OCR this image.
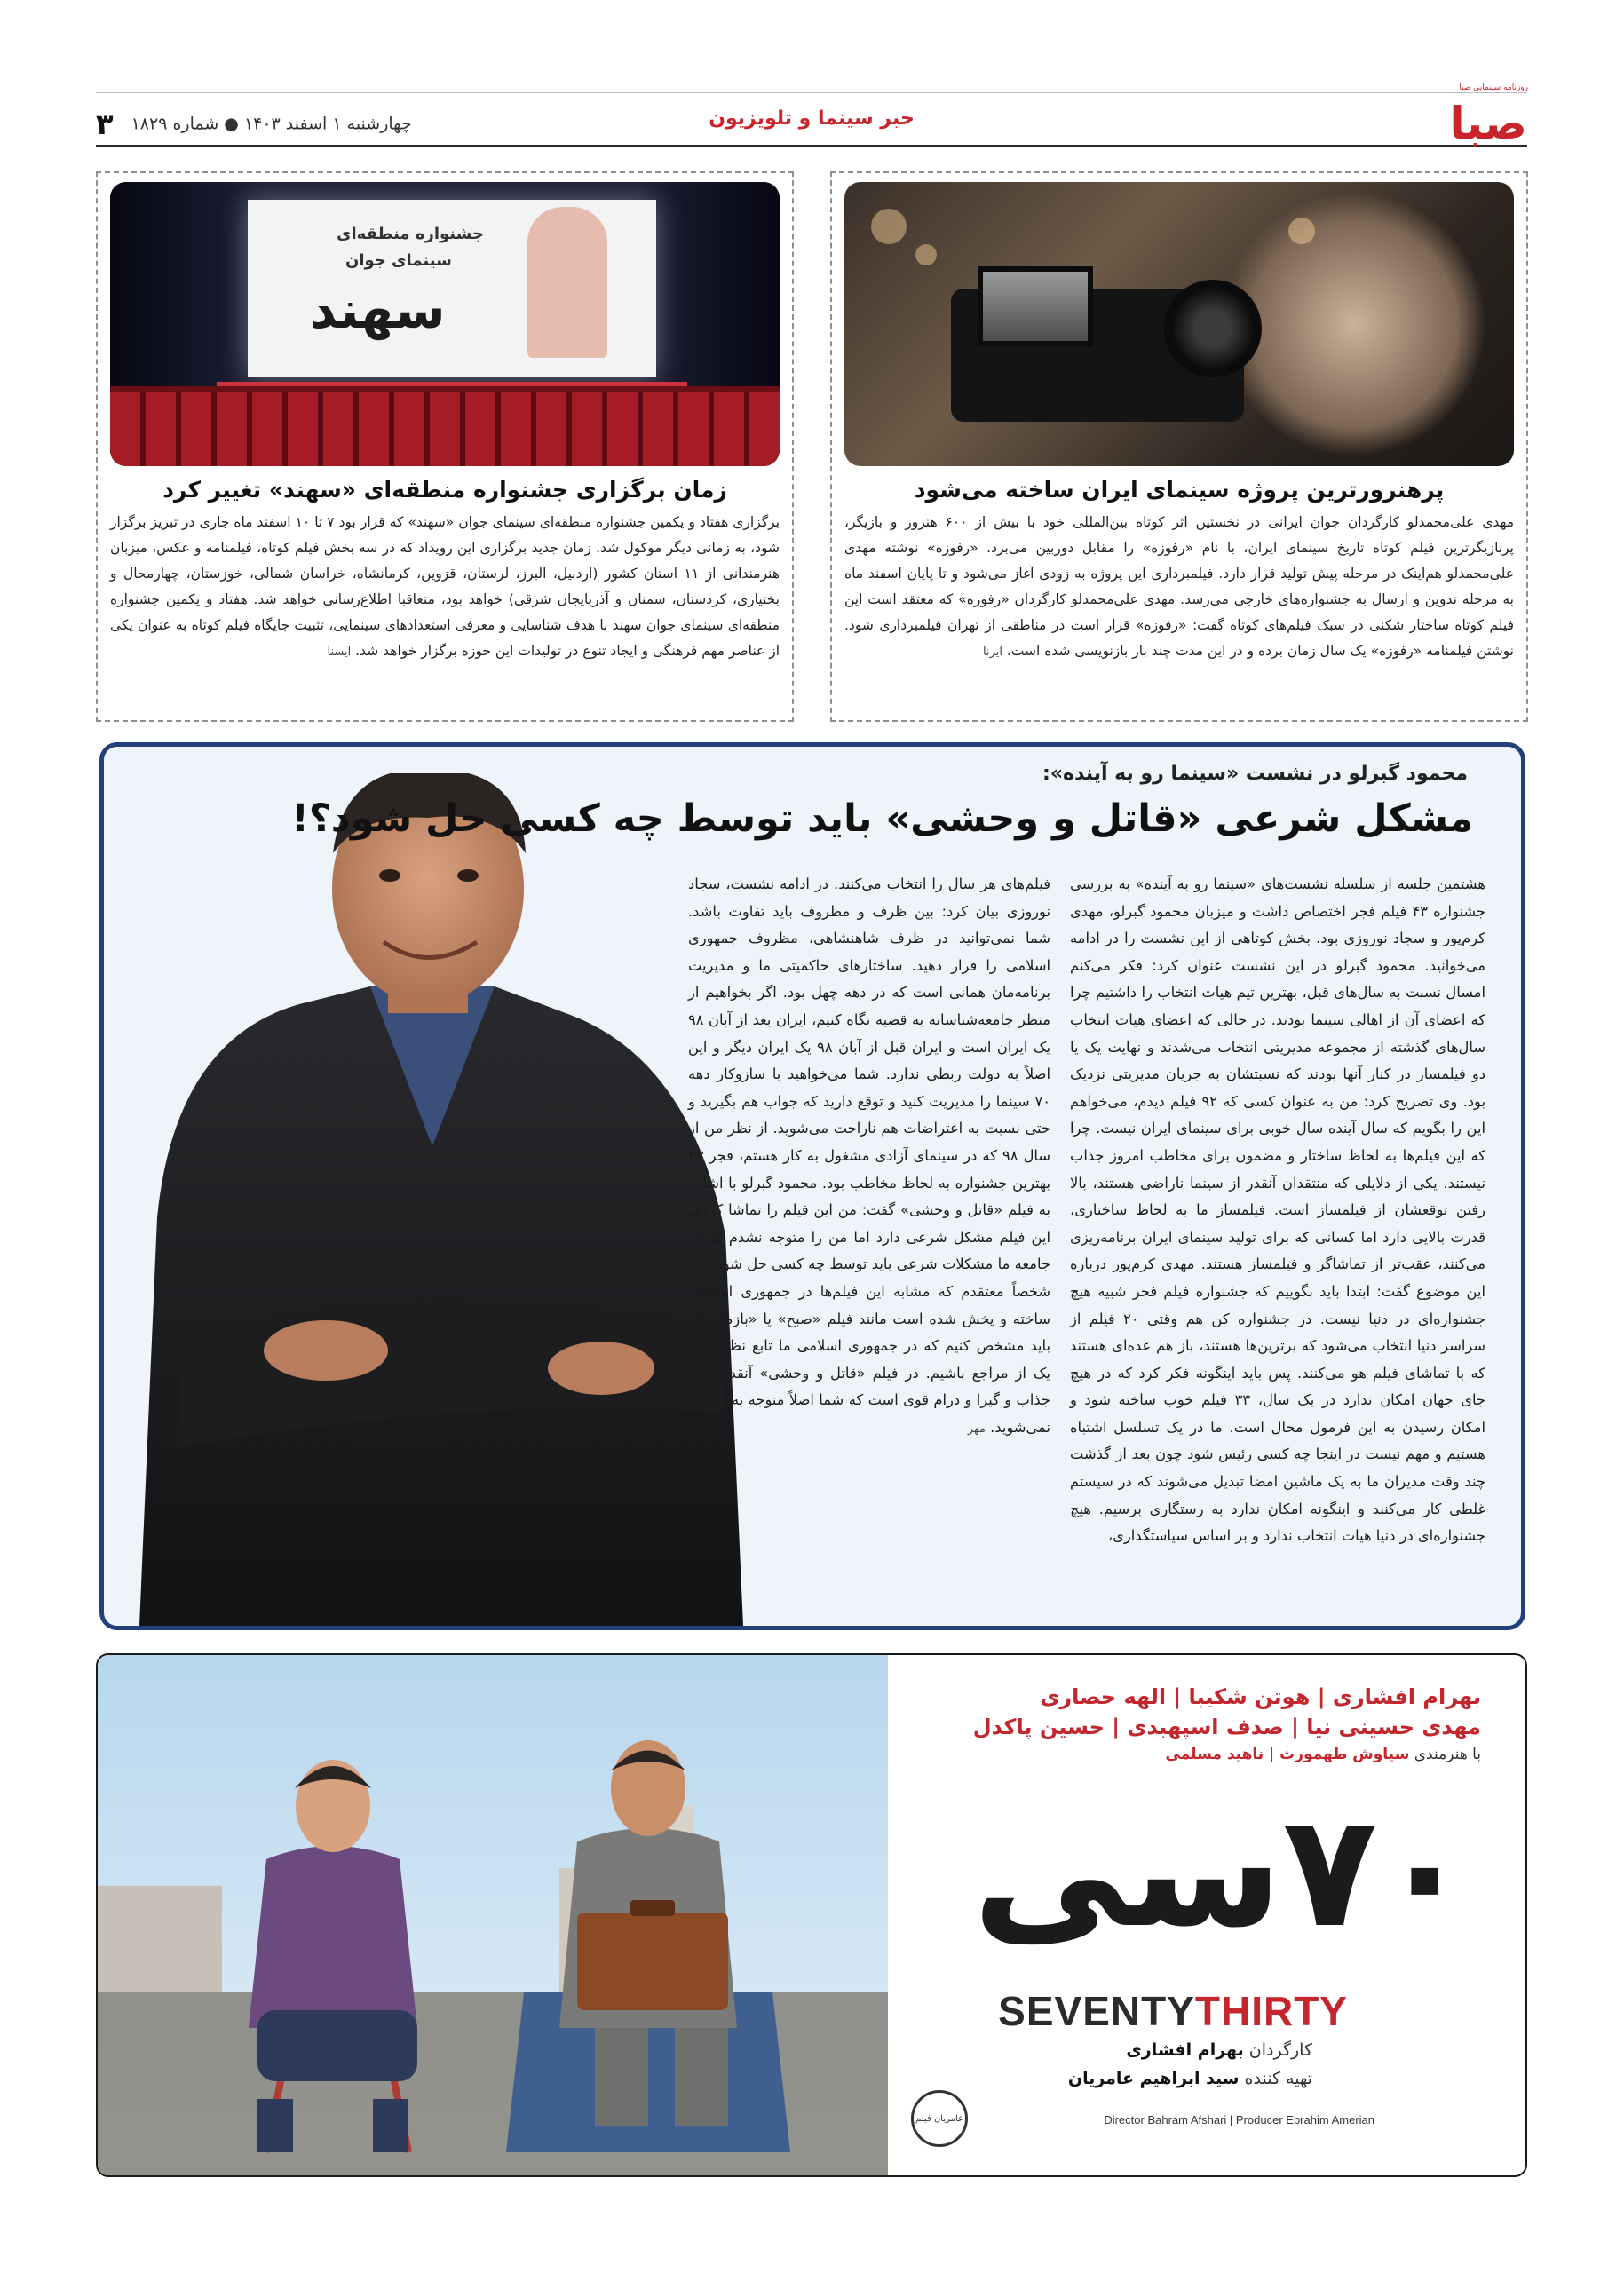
صبا
خبر سینما و تلویزیون
چهارشنبه ۱ اسفند ۱۴۰۳ ● شماره ۱۸۲۹ ۳
روزنامه سینمایی صبا
پرهنرورترین پروژه سینمای ایران ساخته می‌شود

مهدی علی‌محمدلو کارگردان جوان ایرانی در نخستین اثر کوتاه بین‌المللی خود با بیش از ۶۰۰ هنرور و بازیگر، پربازیگرترین فیلم کوتاه تاریخ سینمای ایران، با نام «رفوزه» را مقابل دوربین می‌برد. «رفوزه» نوشته مهدی علی‌محمدلو هم‌اینک در مرحله پیش تولید قرار دارد. فیلمبرداری این پروژه به زودی آغاز می‌شود و تا پایان اسفند ماه به مرحله تدوین و ارسال به جشنواره‌های خارجی می‌رسد. مهدی علی‌محمدلو کارگردان «رفوزه» که معتقد است این فیلم کوتاه ساختار شکنی در سبک فیلم‌های کوتاه گفت: «رفوزه» قرار است در مناطقی از تهران فیلمبرداری شود. نوشتن فیلمنامه «رفوزه» یک سال زمان برده و در این مدت چند بار بازنویسی شده است. ایرنا

جشنواره منطقه‌ای
سینمای جوان
سهند
زمان برگزاری جشنواره منطقه‌ای «سهند» تغییر کرد

برگزاری هفتاد و یکمین جشنواره منطقه‌ای سینمای جوان «سهند» که قرار بود ۷ تا ۱۰ اسفند ماه جاری در تبریز برگزار شود، به زمانی دیگر موکول شد. زمان جدید برگزاری این رویداد که در سه بخش فیلم کوتاه، فیلمنامه و عکس، میزبان هنرمندانی از ۱۱ استان کشور (اردبیل، البرز، لرستان، قزوین، کرمانشاه، خراسان شمالی، خوزستان، چهارمحال و بختیاری، کردستان، سمنان و آذربایجان شرقی) خواهد بود، متعاقبا اطلاع‌رسانی خواهد شد. هفتاد و یکمین جشنواره منطقه‌ای سینمای جوان سهند با هدف شناسایی و معرفی استعدادهای سینمایی، تثبیت جایگاه فیلم کوتاه به عنوان یکی از عناصر مهم فرهنگی و ایجاد تنوع در تولیدات این حوزه برگزار خواهد شد. ایسنا

محمود گبرلو در نشست «سینما رو به آینده»:
مشکل شرعی «قاتل و وحشی» باید توسط چه کسی حل شود؟!
هشتمین جلسه از سلسله نشست‌های «سینما رو به آینده» به بررسی جشنواره ۴۳ فیلم فجر اختصاص داشت و میزبان محمود گبرلو، مهدی کرم‌پور و سجاد نوروزی بود. بخش کوتاهی از این نشست را در ادامه می‌خوانید. محمود گبرلو در این نشست عنوان کرد: فکر می‌کنم امسال نسبت به سال‌های قبل، بهترین تیم هیات انتخاب را داشتیم چرا که اعضای آن از اهالی سینما بودند. در حالی که اعضای هیات انتخاب سال‌های گذشته از مجموعه مدیریتی انتخاب می‌شدند و نهایت یک یا دو فیلمساز در کنار آنها بودند که نسبتشان به جریان مدیریتی نزدیک بود. وی تصریح کرد: من به عنوان کسی که ۹۲ فیلم دیدم، می‌خواهم این را بگویم که سال آینده سال خوبی برای سینمای ایران نیست. چرا که این فیلم‌ها به لحاظ ساختار و مضمون برای مخاطب امروز جذاب نیستند. یکی از دلایلی که منتقدان آنقدر از سینما ناراضی هستند، بالا رفتن توقعشان از فیلمساز است. فیلمساز ما به لحاظ ساختاری، قدرت بالایی دارد اما کسانی که برای تولید سینمای ایران برنامه‌ریزی می‌کنند، عقب‌تر از تماشاگر و فیلمساز هستند. مهدی کرم‌پور درباره این موضوع گفت: ابتدا باید بگوییم که جشنواره فیلم فجر شبیه هیچ جشنواره‌ای در دنیا نیست. در جشنواره کن هم وقتی ۲۰ فیلم از سراسر دنیا انتخاب می‌شود که برترین‌ها هستند، باز هم عده‌ای هستند که با تماشای فیلم هو می‌کنند. پس باید اینگونه فکر کرد که در هیچ جای جهان امکان ندارد در یک سال، ۳۳ فیلم خوب ساخته شود و امکان رسیدن به این فرمول محال است. ما در یک تسلسل اشتباه هستیم و مهم نیست در اینجا چه کسی رئیس شود چون بعد از گذشت چند وقت مدیران ما به یک ماشین امضا تبدیل می‌شوند که در سیستم غلطی کار می‌کنند و اینگونه امکان ندارد به رستگاری برسیم. هیچ جشنواره‌ای در دنیا هیات انتخاب ندارد و بر اساس سیاستگذاری،
فیلم‌های هر سال را انتخاب می‌کنند. در ادامه نشست، سجاد نوروزی بیان کرد: بین ظرف و مظروف باید تفاوت باشد. شما نمی‌توانید در ظرف شاهنشاهی، مظروف جمهوری اسلامی را قرار دهید. ساختارهای حاکمیتی ما و مدیریت برنامه‌مان همانی است که در دهه چهل بود. اگر بخواهیم از منظر جامعه‌شناسانه به قضیه نگاه کنیم، ایران بعد از آبان ۹۸ یک ایران است و ایران قبل از آبان ۹۸ یک ایران دیگر و این اصلاً به دولت ربطی ندارد. شما می‌خواهید با سازوکار دهه ۷۰ سینما را مدیریت کنید و توقع دارید که جواب هم بگیرید و حتی نسبت به اعتراضات هم ناراحت می‌شوید. از نظر من از سال ۹۸ که در سینمای آزادی مشغول به کار هستم، فجر ۴۳ بهترین جشنواره به لحاظ مخاطب بود. محمود گبرلو با اشاره به فیلم «قاتل و وحشی» گفت: من این فیلم را تماشا کردم. این فیلم مشکل شرعی دارد اما من را متوجه نشدم که در جامعه ما مشکلات شرعی باید توسط چه کسی حل شود. من شخصاً معتقدم که مشابه این فیلم‌ها در جمهوری اسلامی ساخته و پخش شده است مانند فیلم «صبح» یا «بازمانده». باید مشخص کنیم که در جمهوری اسلامی ما تابع نظر کدام یک از مراجع باشیم. در فیلم «قاتل و وحشی» آنقدر قصه جذاب و گیرا و درام قوی است که شما اصلاً متوجه به حجابی نمی‌شوید. مهر
بهرام افشاری | هوتن شکیبا | الهه حصاری
مهدی حسینی نیا | صدف اسپهبدی | حسین پاکدل
با هنرمندی سیاوش طهمورث | ناهید مسلمی
۷۰سی
SEVENTYTHIRTY
کارگردان بهرام افشاری
تهیه کننده سید ابراهیم عامریان
Director Bahram Afshari | Producer Ebrahim Amerian
عامریان فیلم
